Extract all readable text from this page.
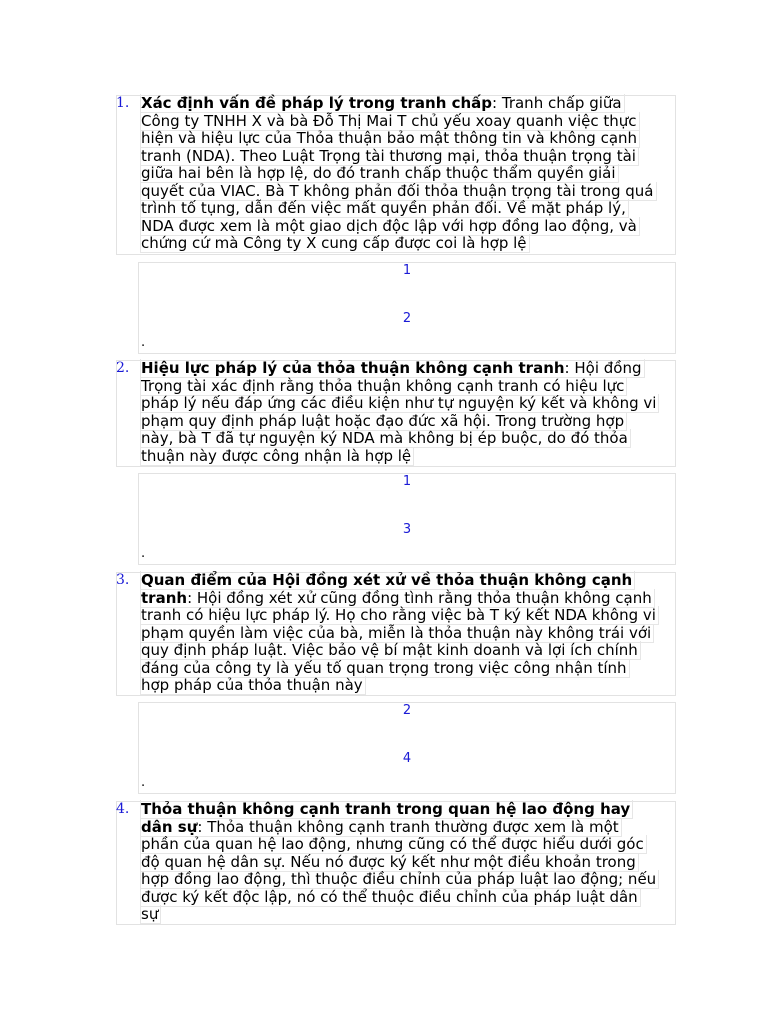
1. Xác định vấn đề pháp lý trong tranh chấp: Tranh chấp giữa
Công ty TNHH X và bà Đỗ Thị Mai T chủ yếu xoay quanh việc thực
hiện và hiệu lực của Thỏa thuận bảo mật thông tin và không cạnh
tranh (NDA). Theo Luật Trọng tài thương mại, thỏa thuận trọng tài
giữa hai bên là hợp lệ, do đó tranh chấp thuộc thẩm quyền giải
quyết của VIAC. Bà T không phản đối thỏa thuận trọng tài trong quá
trình tố tụng, dẫn đến việc mất quyền phản đối. Về mặt pháp lý,
NDA được xem là một giao dịch độc lập với hợp đồng lao động, và
chứng cứ mà Công ty X cung cấp được coi là hợp lệ
1
2
.
2. Hiệu lực pháp lý của thỏa thuận không cạnh tranh: Hội đồng
Trọng tài xác định rằng thỏa thuận không cạnh tranh có hiệu lực
pháp lý nếu đáp ứng các điều kiện như tự nguyện ký kết và không vi
phạm quy định pháp luật hoặc đạo đức xã hội. Trong trường hợp
này, bà T đã tự nguyện ký NDA mà không bị ép buộc, do đó thỏa
thuận này được công nhận là hợp lệ
1
3
.
3. Quan điểm của Hội đồng xét xử về thỏa thuận không cạnh
tranh: Hội đồng xét xử cũng đồng tình rằng thỏa thuận không cạnh
tranh có hiệu lực pháp lý. Họ cho rằng việc bà T ký kết NDA không vi
phạm quyền làm việc của bà, miễn là thỏa thuận này không trái với
quy định pháp luật. Việc bảo vệ bí mật kinh doanh và lợi ích chính
đáng của công ty là yếu tố quan trọng trong việc công nhận tính
hợp pháp của thỏa thuận này
2
4
.
4. Thỏa thuận không cạnh tranh trong quan hệ lao động hay
dân sự: Thỏa thuận không cạnh tranh thường được xem là một
phần của quan hệ lao động, nhưng cũng có thể được hiểu dưới góc
độ quan hệ dân sự. Nếu nó được ký kết như một điều khoản trong
hợp đồng lao động, thì thuộc điều chỉnh của pháp luật lao động; nếu
được ký kết độc lập, nó có thể thuộc điều chỉnh của pháp luật dân
sự
